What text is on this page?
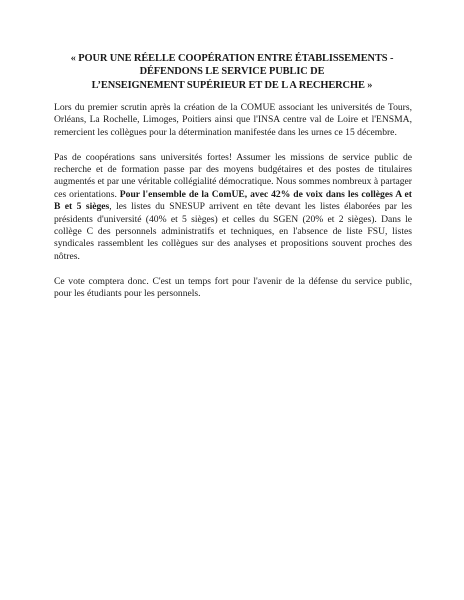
« POUR UNE RÉELLE COOPÉRATION ENTRE ÉTABLISSEMENTS -
DÉFENDONS LE SERVICE PUBLIC DE
L’ENSEIGNEMENT SUPÉRIEUR ET DE L A RECHERCHE »

Lors du premier scrutin après la création de la COMUE associant les universités de Tours, Orléans, La Rochelle, Limoges, Poitiers ainsi que l'INSA centre val de Loire et l'ENSMA, remercient les collègues pour la détermination manifestée dans les urnes ce 15 décembre.

Pas de coopérations sans universités fortes! Assumer les missions de service public de recherche et de formation passe par des moyens budgétaires et des postes de titulaires augmentés et par une véritable collégialité démocratique. Nous sommes nombreux à partager ces orientations. Pour l'ensemble de la ComUE, avec 42% de voix dans les collèges A et B et 5 sièges, les listes du SNESUP arrivent en tête devant les listes élaborées par les présidents d'université (40% et 5 sièges) et celles du SGEN (20% et 2 sièges). Dans le collège C des personnels administratifs et techniques, en l'absence de liste FSU, listes syndicales rassemblent les collègues sur des analyses et propositions souvent proches des nôtres.

Ce vote comptera donc. C'est un temps fort pour l'avenir de la défense du service public, pour les étudiants pour les personnels.
